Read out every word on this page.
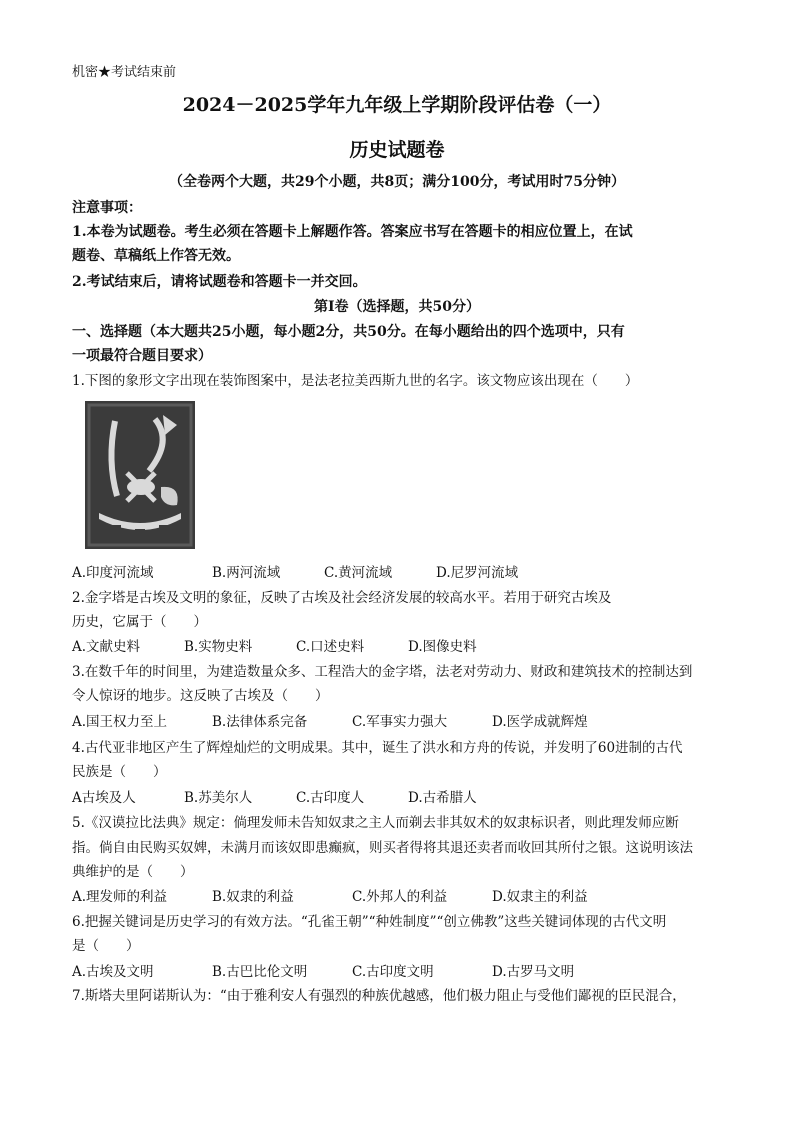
机密★考试结束前
2024－2025学年九年级上学期阶段评估卷（一）
历史试题卷
（全卷两个大题，共29个小题，共8页；满分100分，考试用时75分钟）
注意事项：
1.本卷为试题卷。考生必须在答题卡上解题作答。答案应书写在答题卡的相应位置上，在试
题卷、草稿纸上作答无效。
2.考试结束后，请将试题卷和答题卡一并交回。
第Ⅰ卷（选择题，共50分）
一、选择题（本大题共25小题，每小题2分，共50分。在每小题给出的四个选项中，只有
一项最符合题目要求）
1.下图的象形文字出现在装饰图案中，是法老拉美西斯九世的名字。该文物应该出现在（　　）
A.印度河流域	B.两河流域	C.黄河流域	D.尼罗河流域
2.金字塔是古埃及文明的象征，反映了古埃及社会经济发展的较高水平。若用于研究古埃及
历史，它属于（　　）
A.文献史料	B.实物史料	C.口述史料	D.图像史料
3.在数千年的时间里，为建造数量众多、工程浩大的金字塔，法老对劳动力、财政和建筑技术的控制达到
令人惊讶的地步。这反映了古埃及（　　）
A.国王权力至上	B.法律体系完备	C.军事实力强大	D.医学成就辉煌
4.古代亚非地区产生了辉煌灿烂的文明成果。其中，诞生了洪水和方舟的传说，并发明了60进制的古代
民族是（　　）
A古埃及人	B.苏美尔人	C.古印度人	D.古希腊人
5.《汉谟拉比法典》规定：倘理发师未告知奴隶之主人而剃去非其奴术的奴隶标识者，则此理发师应断
指。倘自由民购买奴婢，未满月而该奴即患癫疯，则买者得将其退还卖者而收回其所付之银。这说明该法
典维护的是（　　）
A.理发师的利益	B.奴隶的利益	C.外邦人的利益	D.奴隶主的利益
6.把握关键词是历史学习的有效方法。“孔雀王朝”“种姓制度”“创立佛教”这些关键词体现的古代文明
是（　　）
A.古埃及文明	B.古巴比伦文明	C.古印度文明	D.古罗马文明
7.斯塔夫里阿诺斯认为：“由于雅利安人有强烈的种族优越感，他们极力阻止与受他们鄙视的臣民混合，
